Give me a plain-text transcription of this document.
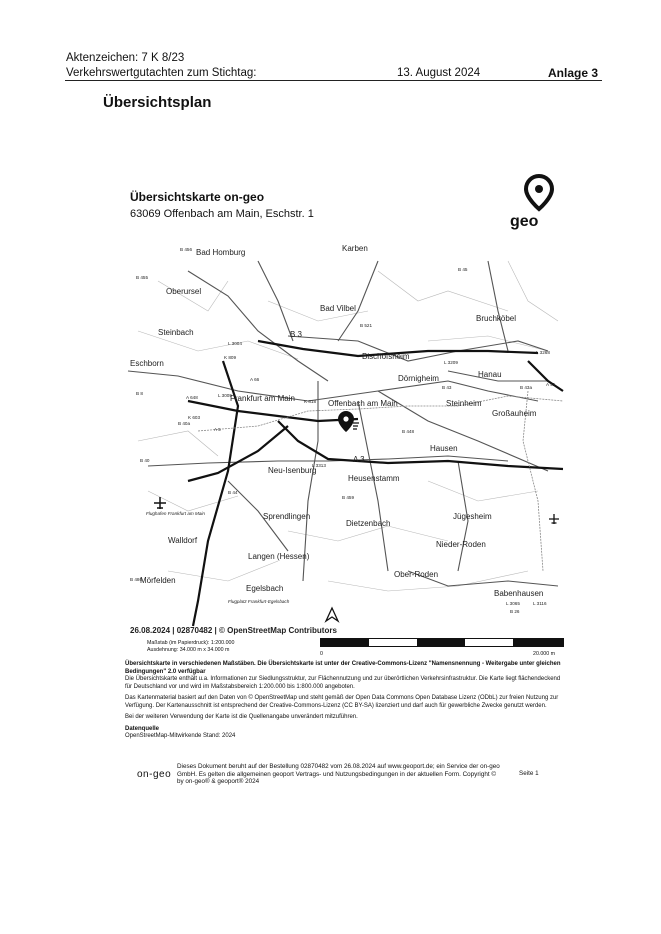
Aktenzeichen: 7 K 8/23
Verkehrswertgutachten zum Stichtag:	13. August 2024	Anlage 3
Übersichtsplan
Übersichtskarte on-geo
63069 Offenbach am Main, Eschstr. 1	geo
Bad Homburg	Karben
Oberursel
Bad Vilbel
Bruchköbel
Steinbach
Eschborn
Bischofsheim
Dörnigheim	Hanau
Frankfurt am Main
Offenbach am Main	Steinheim
Großauheim
Hausen
Neu-Isenburg
Heusenstamm
Sprendlingen
Dietzenbach
Jügesheim
Walldorf
Langen (Hessen)
Nieder-Roden
Ober-Roden
Mörfelden
Egelsbach
Babenhausen
B 456
B 455
B 45
B 521
L 3004
B 3
K 809
A 66
L 3209
L 3268
A 648	L 3005
B 8
K 818
B 43	B 43a
A 45
K 603
B 40a
A 5	B 448
B 40
L 3313
A 3
B 44
B 459
B 486
L 3065	L 3116
B 26
Flughafen Frankfurt am Main
Flugplatz Frankfurt-Egelsbach
26.08.2024 | 02870482 | © OpenStreetMap Contributors
Maßstab (im Papierdruck): 1:200.000
Ausdehnung: 34.000 m x 34.000 m
0	20.000 m
Übersichtskarte in verschiedenen Maßstäben. Die Übersichtskarte ist unter der Creative-Commons-Lizenz "Namensnennung - Weitergabe unter gleichen Bedingungen" 2.0 verfügbar
Die Übersichtskarte enthält u.a. Informationen zur Siedlungsstruktur, zur Flächennutzung und zur überörtlichen Verkehrsinfrastruktur. Die Karte liegt flächendeckend für Deutschland vor und wird im Maßstabsbereich 1:200.000 bis 1:800.000 angeboten.
Das Kartenmaterial basiert auf den Daten von © OpenStreetMap und steht gemäß der Open Data Commons Open Database Lizenz (ODbL) zur freien Nutzung zur Verfügung. Der Kartenausschnitt ist entsprechend der Creative-Commons-Lizenz (CC BY-SA) lizenziert und darf auch für gewerbliche Zwecke genutzt werden.
Bei der weiteren Verwendung der Karte ist die Quellenangabe unverändert mitzuführen.
Datenquelle
OpenStreetMap-Mitwirkende Stand: 2024
on-geo
Dieses Dokument beruht auf der Bestellung 02870482 vom 26.08.2024 auf www.geoport.de; ein Service der on-geo GmbH. Es gelten die allgemeinen geoport Vertrags- und Nutzungsbedingungen in der aktuellen Form. Copyright © by on-geo® & geoport® 2024
Seite 1
